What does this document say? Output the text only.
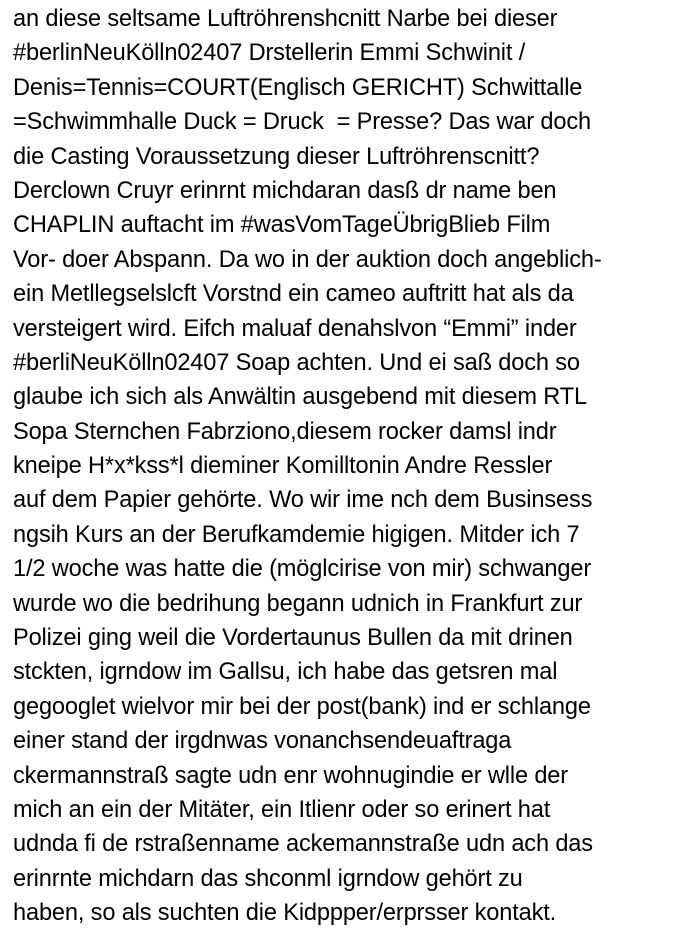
an diese seltsame Luftröhrenshcnitt Narbe bei dieser
#berlinNeuKölln02407 Drstellerin Emmi Schwinit /
Denis=Tennis=COURT(Englisch GERICHT) Schwittalle
=Schwimmhalle Duck = Druck  = Presse? Das war doch
die Casting Voraussetzung dieser Luftröhrenscnitt?
Derclown Cruyr erinrnt michdaran dasß dr name ben
CHAPLIN auftacht im #wasVomTageÜbrigBlieb Film
Vor- doer Abspann. Da wo in der auktion doch angeblich-
ein Metllegselslcft Vorstnd ein cameo auftritt hat als da
versteigert wird. Eifch maluaf denahslvon “Emmi” inder
#berliNeuKölln02407 Soap achten. Und ei saß doch so
glaube ich sich als Anwältin ausgebend mit diesem RTL
Sopa Sternchen Fabrziono,diesem rocker damsl indr
kneipe H*x*kss*l dieminer Komilltonin Andre Ressler
auf dem Papier gehörte. Wo wir ime nch dem Businsess
ngsih Kurs an der Berufkamdemie higigen. Mitder ich 7
1/2 woche was hatte die (möglcirise von mir) schwanger
wurde wo die bedrihung begann udnich in Frankfurt zur
Polizei ging weil die Vordertaunus Bullen da mit drinen
stckten, igrndow im Gallsu, ich habe das getsren mal
gegooglet wielvor mir bei der post(bank) ind er schlange
einer stand der irgdnwas vonanchsendeuaftraga
ckermannstraß sagte udn enr wohnugindie er wlle der
mich an ein der Mitäter, ein Itlienr oder so erinert hat
udnda fi de rstraßenname ackemannstraße udn ach das
erinrnte michdarn das shconml igrndow gehört zu
haben, so als suchten die Kidppper/erprsser kontakt.
